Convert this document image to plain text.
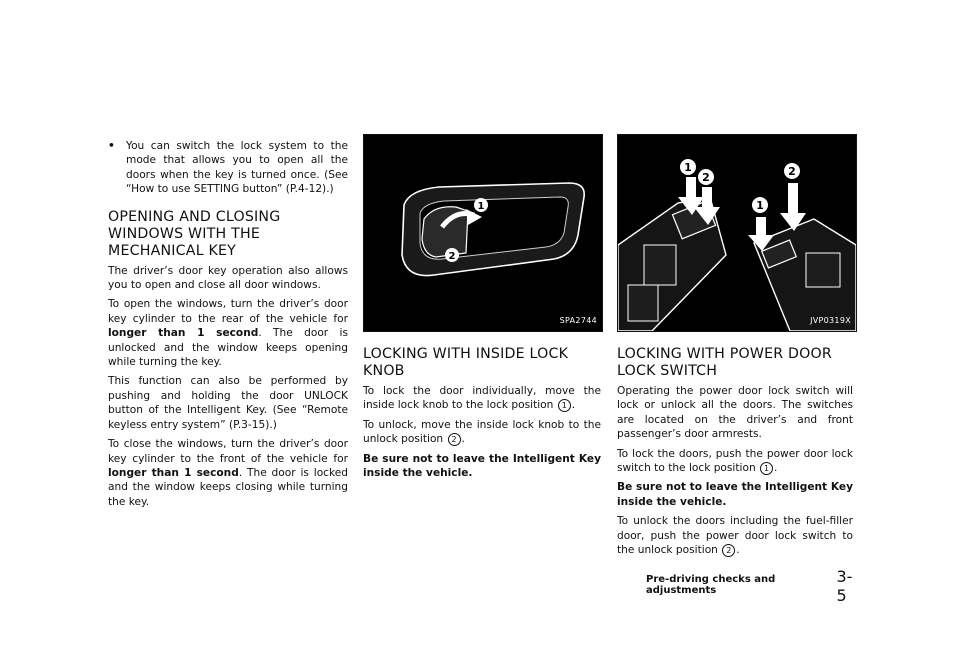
•	You can switch the lock system to the mode that allows you to open all the doors when the key is turned once. (See “How to use SETTING button” (P.4-12).)

OPENING AND CLOSING WINDOWS WITH THE MECHANICAL KEY

The driver’s door key operation also allows you to open and close all door windows.

To open the windows, turn the driver’s door key cylinder to the rear of the vehicle for longer than 1 second. The door is unlocked and the window keeps opening while turning the key.

This function can also be performed by pushing and holding the door UNLOCK button of the Intelligent Key. (See “Remote keyless entry system” (P.3-15).)

To close the windows, turn the driver’s door key cylinder to the front of the vehicle for longer than 1 second. The door is locked and the window keeps closing while turning the key.

1
2
SPA2744
LOCKING WITH INSIDE LOCK KNOB

To lock the door individually, move the inside lock knob to the lock position 1 .

To unlock, move the inside lock knob to the unlock position 2 .

Be sure not to leave the Intelligent Key inside the vehicle.

1
2
1
2
JVP0319X
LOCKING WITH POWER DOOR LOCK SWITCH

Operating the power door lock switch will lock or unlock all the doors. The switches are located on the driver’s and front passenger’s door armrests.

To lock the doors, push the power door lock switch to the lock position 1 .

Be sure not to leave the Intelligent Key inside the vehicle.

To unlock the doors including the fuel-filler door, push the power door lock switch to the unlock position 2 .

Pre-driving checks and adjustments
3-5
